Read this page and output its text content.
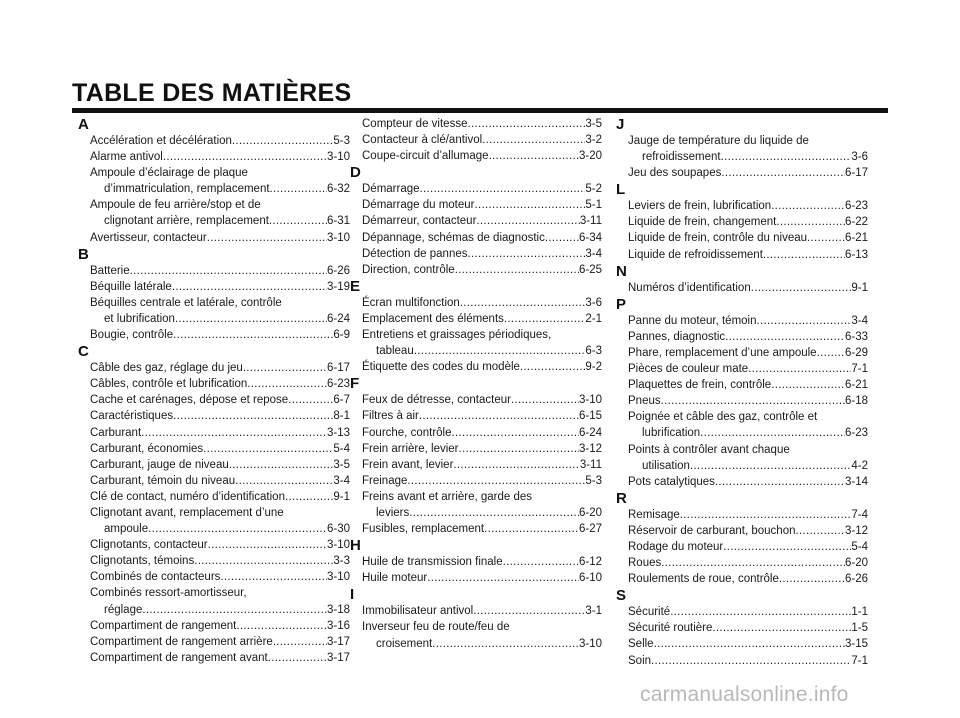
TABLE DES MATIÈRES
A
Accélération et décélération .....	5-3
Alarme antivol .....	3-10
Ampoule d’éclairage de plaque
d’immatriculation, remplacement .....	6-32
Ampoule de feu arrière/stop et de
clignotant arrière, remplacement .....	6-31
Avertisseur, contacteur .....	3-10
B
Batterie .....	6-26
Béquille latérale .....	3-19
Béquilles centrale et latérale, contrôle
et lubrification .....	6-24
Bougie, contrôle .....	6-9
C
Câble des gaz, réglage du jeu .....	6-17
Câbles, contrôle et lubrification .....	6-23
Cache et carénages, dépose et repose .....	6-7
Caractéristiques .....	8-1
Carburant .....	3-13
Carburant, économies .....	5-4
Carburant, jauge de niveau .....	3-5
Carburant, témoin du niveau .....	3-4
Clé de contact, numéro d’identification .....	9-1
Clignotant avant, remplacement d’une
ampoule .....	6-30
Clignotants, contacteur .....	3-10
Clignotants, témoins .....	3-3
Combinés de contacteurs .....	3-10
Combinés ressort-amortisseur,
réglage .....	3-18
Compartiment de rangement .....	3-16
Compartiment de rangement arrière .....	3-17
Compartiment de rangement avant .....	3-17
Compteur de vitesse .....	3-5
Contacteur à clé/antivol .....	3-2
Coupe-circuit d’allumage .....	3-20
D
Démarrage .....	5-2
Démarrage du moteur .....	5-1
Démarreur, contacteur .....	3-11
Dépannage, schémas de diagnostic .....	6-34
Détection de pannes .....	3-4
Direction, contrôle .....	6-25
E
Écran multifonction .....	3-6
Emplacement des éléments .....	2-1
Entretiens et graissages périodiques,
tableau .....	6-3
Étiquette des codes du modèle .....	9-2
F
Feux de détresse, contacteur .....	3-10
Filtres à air .....	6-15
Fourche, contrôle .....	6-24
Frein arrière, levier .....	3-12
Frein avant, levier .....	3-11
Freinage .....	5-3
Freins avant et arrière, garde des
leviers .....	6-20
Fusibles, remplacement .....	6-27
H
Huile de transmission finale .....	6-12
Huile moteur .....	6-10
I
Immobilisateur antivol .....	3-1
Inverseur feu de route/feu de
croisement .....	3-10
J
Jauge de température du liquide de
refroidissement .....	3-6
Jeu des soupapes .....	6-17
L
Leviers de frein, lubrification .....	6-23
Liquide de frein, changement .....	6-22
Liquide de frein, contrôle du niveau .....	6-21
Liquide de refroidissement .....	6-13
N
Numéros d’identification .....	9-1
P
Panne du moteur, témoin .....	3-4
Pannes, diagnostic .....	6-33
Phare, remplacement d’une ampoule ..... 6-29
Pièces de couleur mate .....	7-1
Plaquettes de frein, contrôle .....	6-21
Pneus .....	6-18
Poignée et câble des gaz, contrôle et
lubrification .....	6-23
Points à contrôler avant chaque
utilisation .....	4-2
Pots catalytiques .....	3-14
R
Remisage .....	7-4
Réservoir de carburant, bouchon .....	3-12
Rodage du moteur .....	5-4
Roues .....	6-20
Roulements de roue, contrôle .....	6-26
S
Sécurité .....	1-1
Sécurité routière .....	1-5
Selle .....	3-15
Soin .....	7-1
carmanualsonline.info
